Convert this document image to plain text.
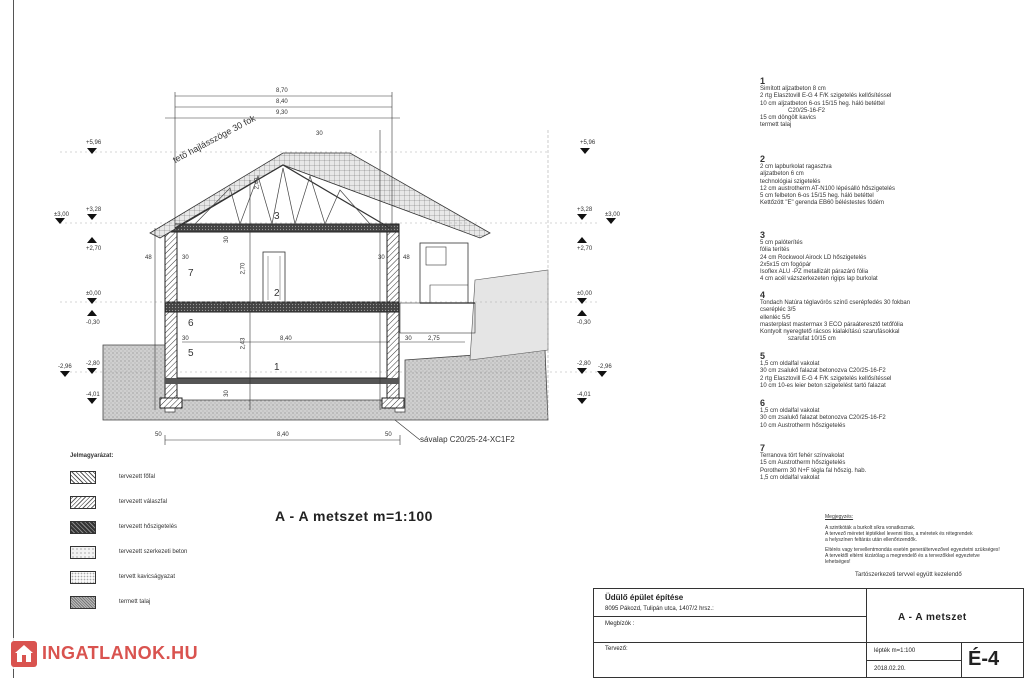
8,70
8,40
9,30
30
tető hajlásszöge 30 fok
8,40	2,75
30	30
30	30
48	48
2,70
2,43
2,40
30
30
30
50	8,40	50	sávalap C20/25-24-XC1F2
7
6
5
3
2
1
+5,96
+3,28
±3,00
+2,70
±0,00
-0,30
-2,80
-2,96
-4,01
+5,96
+3,28
±3,00
+2,70
±0,00
-0,30
-2,80 -2,96
-4,01
A - A metszet m=1:100
1
Simított aljzatbeton 8 cm
2 rtg Elasztovill E-G 4 F/K szigetelés kellősítéssel
10 cm aljzatbeton 6-os 15/15 heg. háló betéttel
C20/25-16-F2
15 cm döngölt kavics
termett talaj
2
2 cm lapburkolat ragasztva
aljzatbeton 6 cm
technológiai szigetelés
12 cm austrotherm AT-N100 lépésálló hőszigetelés
5 cm felbeton 6-os 15/15 heg. háló betéttel
Kettőzött "E" gerenda EB60 béléstestes födém
3
5 cm palóterítés
fólia terítés
24 cm Rockwool Airock LD hőszigetelés
2x5x15 cm fogópár
Isoflex ALU -PZ metallizált párazáró fólia
4 cm acél vázszerkezeten rigips lap burkolat
4
Tondach Natúra téglavörös színű cserépfedés 30 fokban
cserépléc 3/5
ellenléc 5/5
masterplast mastermax 3 ECO páraáteresztő tetőfólia
Kontyolt nyeregtető rácsos kialakítású szarufásokkal
szarufat 10/15 cm
5
1,5 cm oldalfal vakolat
30 cm zsalukő falazat betonozva C20/25-16-F2
2 rtg Elasztovill E-G 4 F/K szigetelés kellősítéssel
10 cm 10-es leier beton szigetelést tartó falazat
6
1,5 cm oldalfal vakolat
30 cm zsalukő falazat betonozva C20/25-16-F2
10 cm Austrotherm hőszigetelés
7
Terranova tört fehér színvakolat
15 cm Austrotherm hőszigetelés
Porotherm 30 N+F tégla fal hőszig. hab.
1,5 cm oldalfal vakolat
Megjegyzés:
A szintkóták a burkolt síkra vonatkoznak.
A tervező méretet léptékkel levenni tilos, a méretek és rétegrendek
a helyszínen feltárás után ellenőrizendők.
Eltérés vagy tervellentmondás esetén generáltervezővel egyeztetni szükséges!
A tervektől eltérni kizárólag a megrendelő és a tervezőkkel egyeztetve
lehetséges!
Tartószerkezeti tervvel együtt kezelendő
Jelmagyarázat:
tervezett főfal
tervezett válaszfal
tervezett hőszigetelés
tervezett szerkezeti beton
tervett kavicságyazat
termett talaj	Üdülő épület építése
8095 Pákozd, Tulipán utca, 1407/2 hrsz.:
Megbízók :
Tervező:
A - A metszet
lépték m=1:100
2018.02.20.	É-4
INGATLANOK.HU
